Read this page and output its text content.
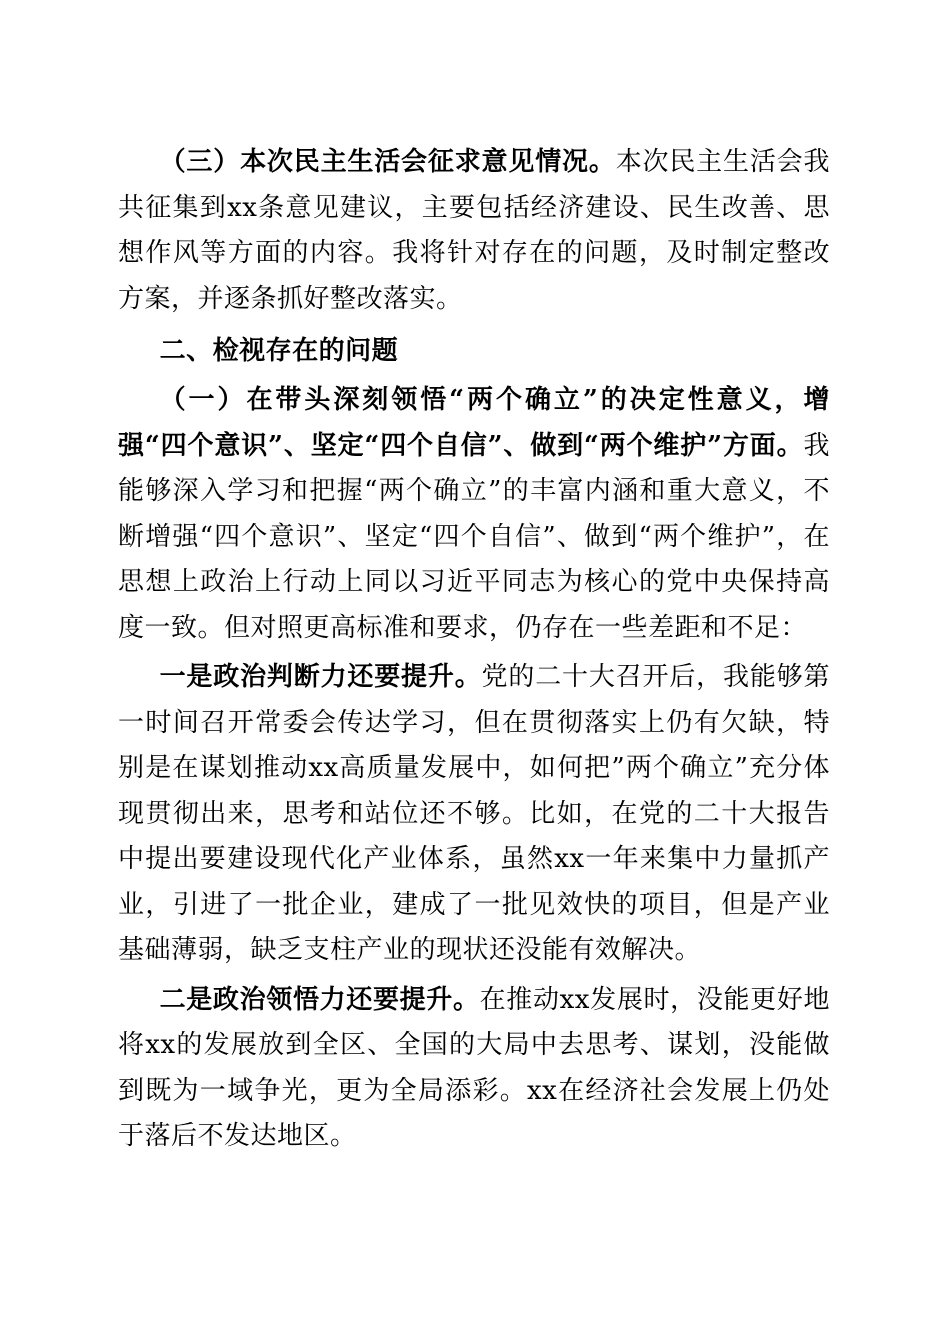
（三）本次民主生活会征求意见情况。本次民主生活会我共征集到xx条意见建议，主要包括经济建设、民生改善、思想作风等方面的内容。我将针对存在的问题，及时制定整改方案，并逐条抓好整改落实。

二、检视存在的问题

（一）在带头深刻领悟“两个确立”的决定性意义，增强“四个意识”、坚定“四个自信”、做到“两个维护”方面。我能够深入学习和把握“两个确立”的丰富内涵和重大意义，不断增强“四个意识”、坚定“四个自信”、做到“两个维护”，在思想上政治上行动上同以习近平同志为核心的党中央保持高度一致。但对照更高标准和要求，仍存在一些差距和不足：

一是政治判断力还要提升。党的二十大召开后，我能够第一时间召开常委会传达学习，但在贯彻落实上仍有欠缺，特别是在谋划推动xx高质量发展中，如何把”两个确立”充分体现贯彻出来，思考和站位还不够。比如，在党的二十大报告中提出要建设现代化产业体系，虽然xx一年来集中力量抓产业，引进了一批企业，建成了一批见效快的项目，但是产业基础薄弱，缺乏支柱产业的现状还没能有效解决。

二是政治领悟力还要提升。在推动xx发展时，没能更好地将xx的发展放到全区、全国的大局中去思考、谋划，没能做到既为一域争光，更为全局添彩。xx在经济社会发展上仍处于落后不发达地区。
